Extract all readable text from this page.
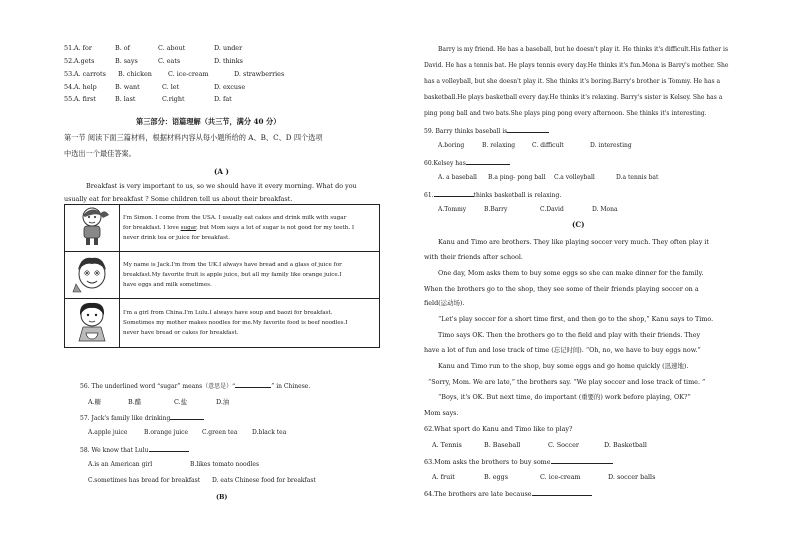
51. A. for	B. of	C. about	D. under
52. A.gets	B. says	C. eats	D. thinks
53. A. carrots B. chicken	C. ice-cream	D. strawberries
54. A. help	B. want	C. let	D. excuse
55. A. first	B. last	C.right	D. fat
第三部分：语篇理解（共三节，满分 40 分）
第一节 阅读下面三篇材料，根据材料内容从每小题所给的 A、B、C、D 四个选项
中选出一个最佳答案。
(A )
Breakfast is very important to us, so we should have it every morning. What do you
usually eat for breakfast ? Some children tell us about their breakfast.

I'm Simon. I come from the USA. I usually eat cakes and drink milk with sugar
for breakfast. I love sugar, but Mom says a lot of sugar is not good for my teeth. I
never drink tea or juice for breakfast.

My name is Jack.I'm from the UK.I always have bread and a glass of juice for
breakfast.My favorite fruit is apple juice, but all my family like orange juice.I
have eggs and milk sometimes.

I'm a girl from China.I'm Lulu.I always have soup and baozi for breakfast.
Sometimes my mother makes noodles for me.My favorite food is beef noodles.I
never have bread or cakes for breakfast.
56. The underlined word “sugar” means（意思是）“	” in Chinese.
A.糖	B.醋	C.盐	D.油
57. Jack's family like drinking
A.apple juice	B.orange juice C.green tea D.black tea
58. We know that Lulu
A.is an American girl	B.likes tomato noodles
C.sometimes has bread for breakfast D. eats Chinese food for breakfast
(B)
Barry is my friend. He has a baseball, but he doesn't play it. He thinks it's difficult.His father is
David. He has a tennis bat. He plays tennis every day.He thinks it's fun.Mona is Barry's mother. She
has a volleyball, but she doesn't play it. She thinks it's boring.Barry's brother is Tommy. He has a
basketball.He plays basketball every day.He thinks it's relaxing. Barry's sister is Kelsey. She has a
ping pong ball and two bats.She plays ping pong every afternoon. She thinks it's interesting.
59. Barry thinks baseball is
A.boring	B. relaxing	C. difficult	D. interesting
60.Kelsey has
A. a baseball B.a ping- pong ball C.a volleyball	D.a tennis bat
61.	thinks basketball is relaxing.
A.Tommy	B.Barry	C.David	D. Mona
(C)
Kanu and Timo are brothers. They like playing soccer very much. They often play it
with their friends after school.
One day, Mom asks them to buy some eggs so she can make dinner for the family.
When the brothers go to the shop, they see some of their friends playing soccer on a
field(运动场).
“Let's play soccer for a short time first, and then go to the shop,” Kanu says to Timo.
Timo says OK. Then the brothers go to the field and play with their friends. They
have a lot of fun and lose track of time (忘记时间). “Oh, no, we have to buy eggs now.”
Kanu and Timo run to the shop, buy some eggs and go home quickly (迅速地).
“Sorry, Mom. We are late,” the brothers say. “We play soccer and lose track of time. ”
“Boys, it's OK. But next time, do important (重要的) work before playing, OK?”
Mom says.
62.What sport do Kanu and Timo like to play?
A. Tennis	B. Baseball	C. Soccer	D. Basketball
63.Mom asks the brothers to buy some
A. fruit	B. eggs	C. ice-cream	D. soccer balls
64.The brothers are late because
